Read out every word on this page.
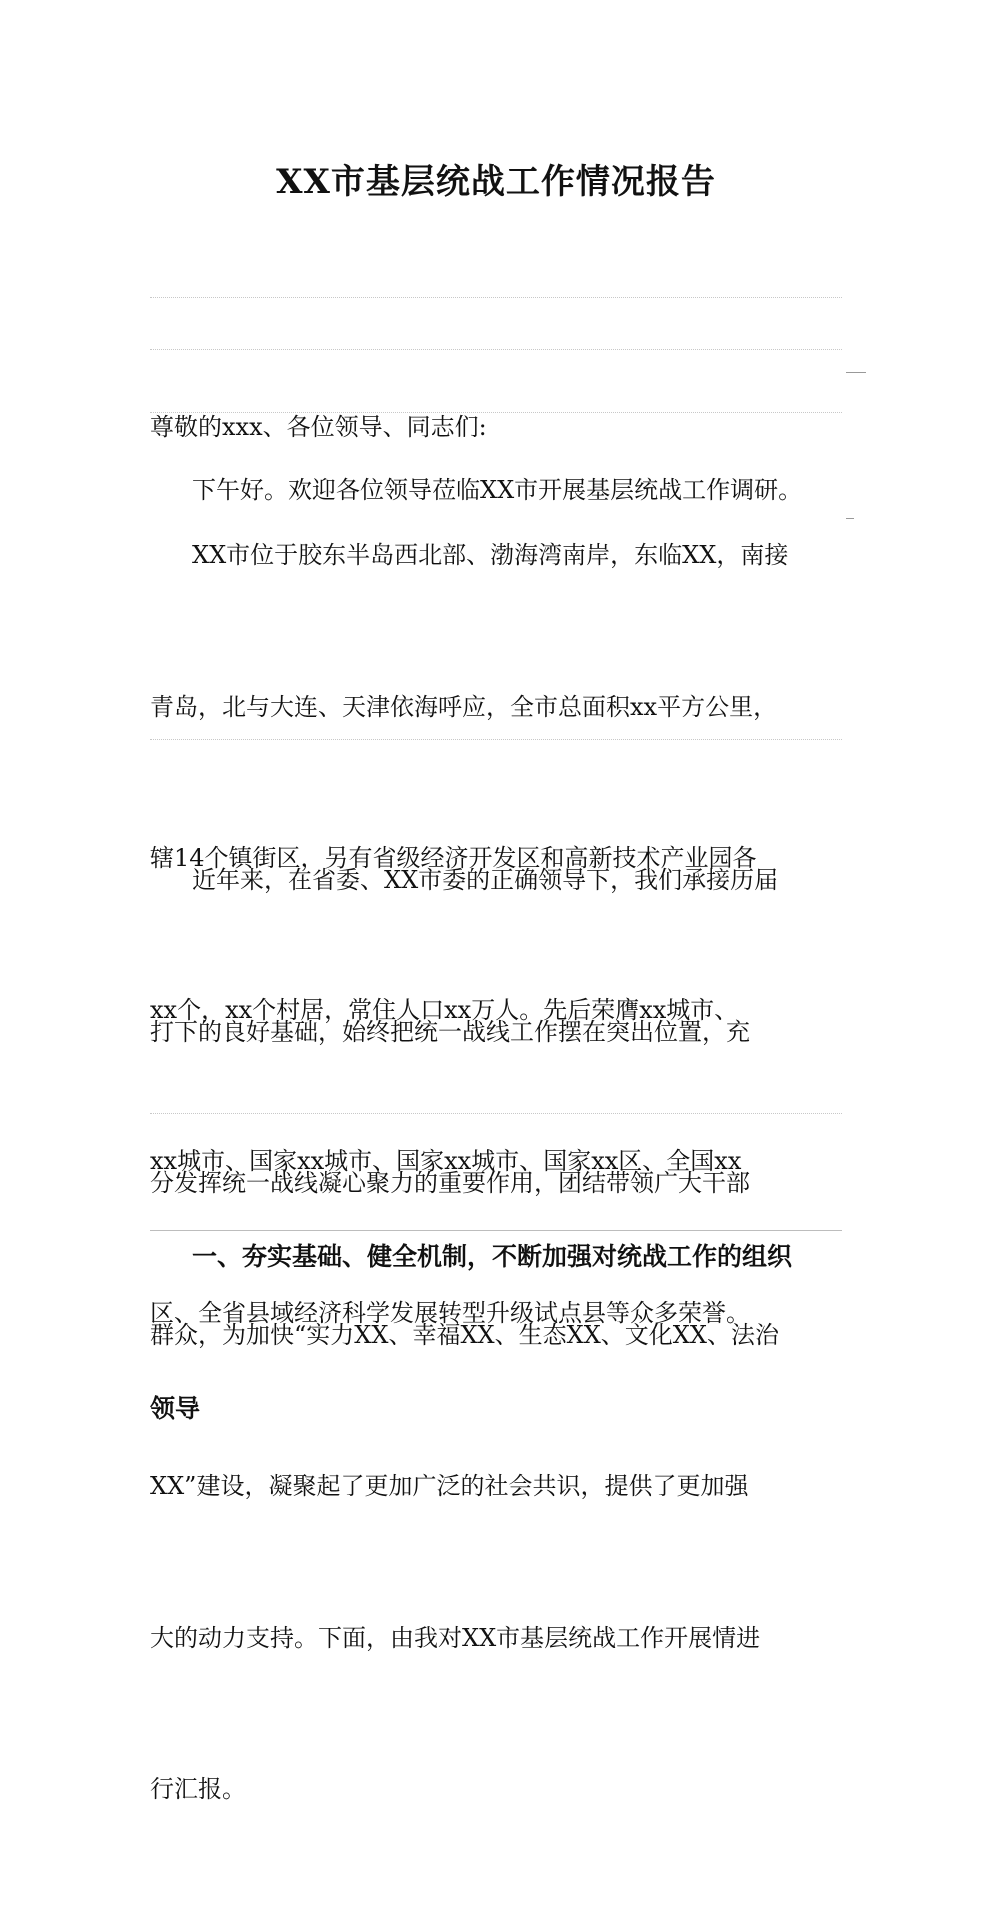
XX市基层统战工作情况报告

尊敬的xxx、各位领导、同志们:

下午好。欢迎各位领导莅临XX市开展基层统战工作调研。

XX市位于胶东半岛西北部、渤海湾南岸，东临XX，南接

青岛，北与大连、天津依海呼应，全市总面积xx平方公里，

辖14个镇街区，另有省级经济开发区和高新技术产业园各

xx个，xx个村居，常住人口xx万人。先后荣膺xx城市、

xx城市、国家xx城市、国家xx城市、国家xx区、全国xx

区、全省县域经济科学发展转型升级试点县等众多荣誉。

近年来，在省委、XX市委的正确领导下，我们承接历届

打下的良好基础，始终把统一战线工作摆在突出位置，充

分发挥统一战线凝心聚力的重要作用，团结带领广大干部

群众，为加快“实力XX、幸福XX、生态XX、文化XX、法治

XX”建设，凝聚起了更加广泛的社会共识，提供了更加强

大的动力支持。下面，由我对XX市基层统战工作开展情进

行汇报。

一、夯实基础、健全机制，不断加强对统战工作的组织

领导
